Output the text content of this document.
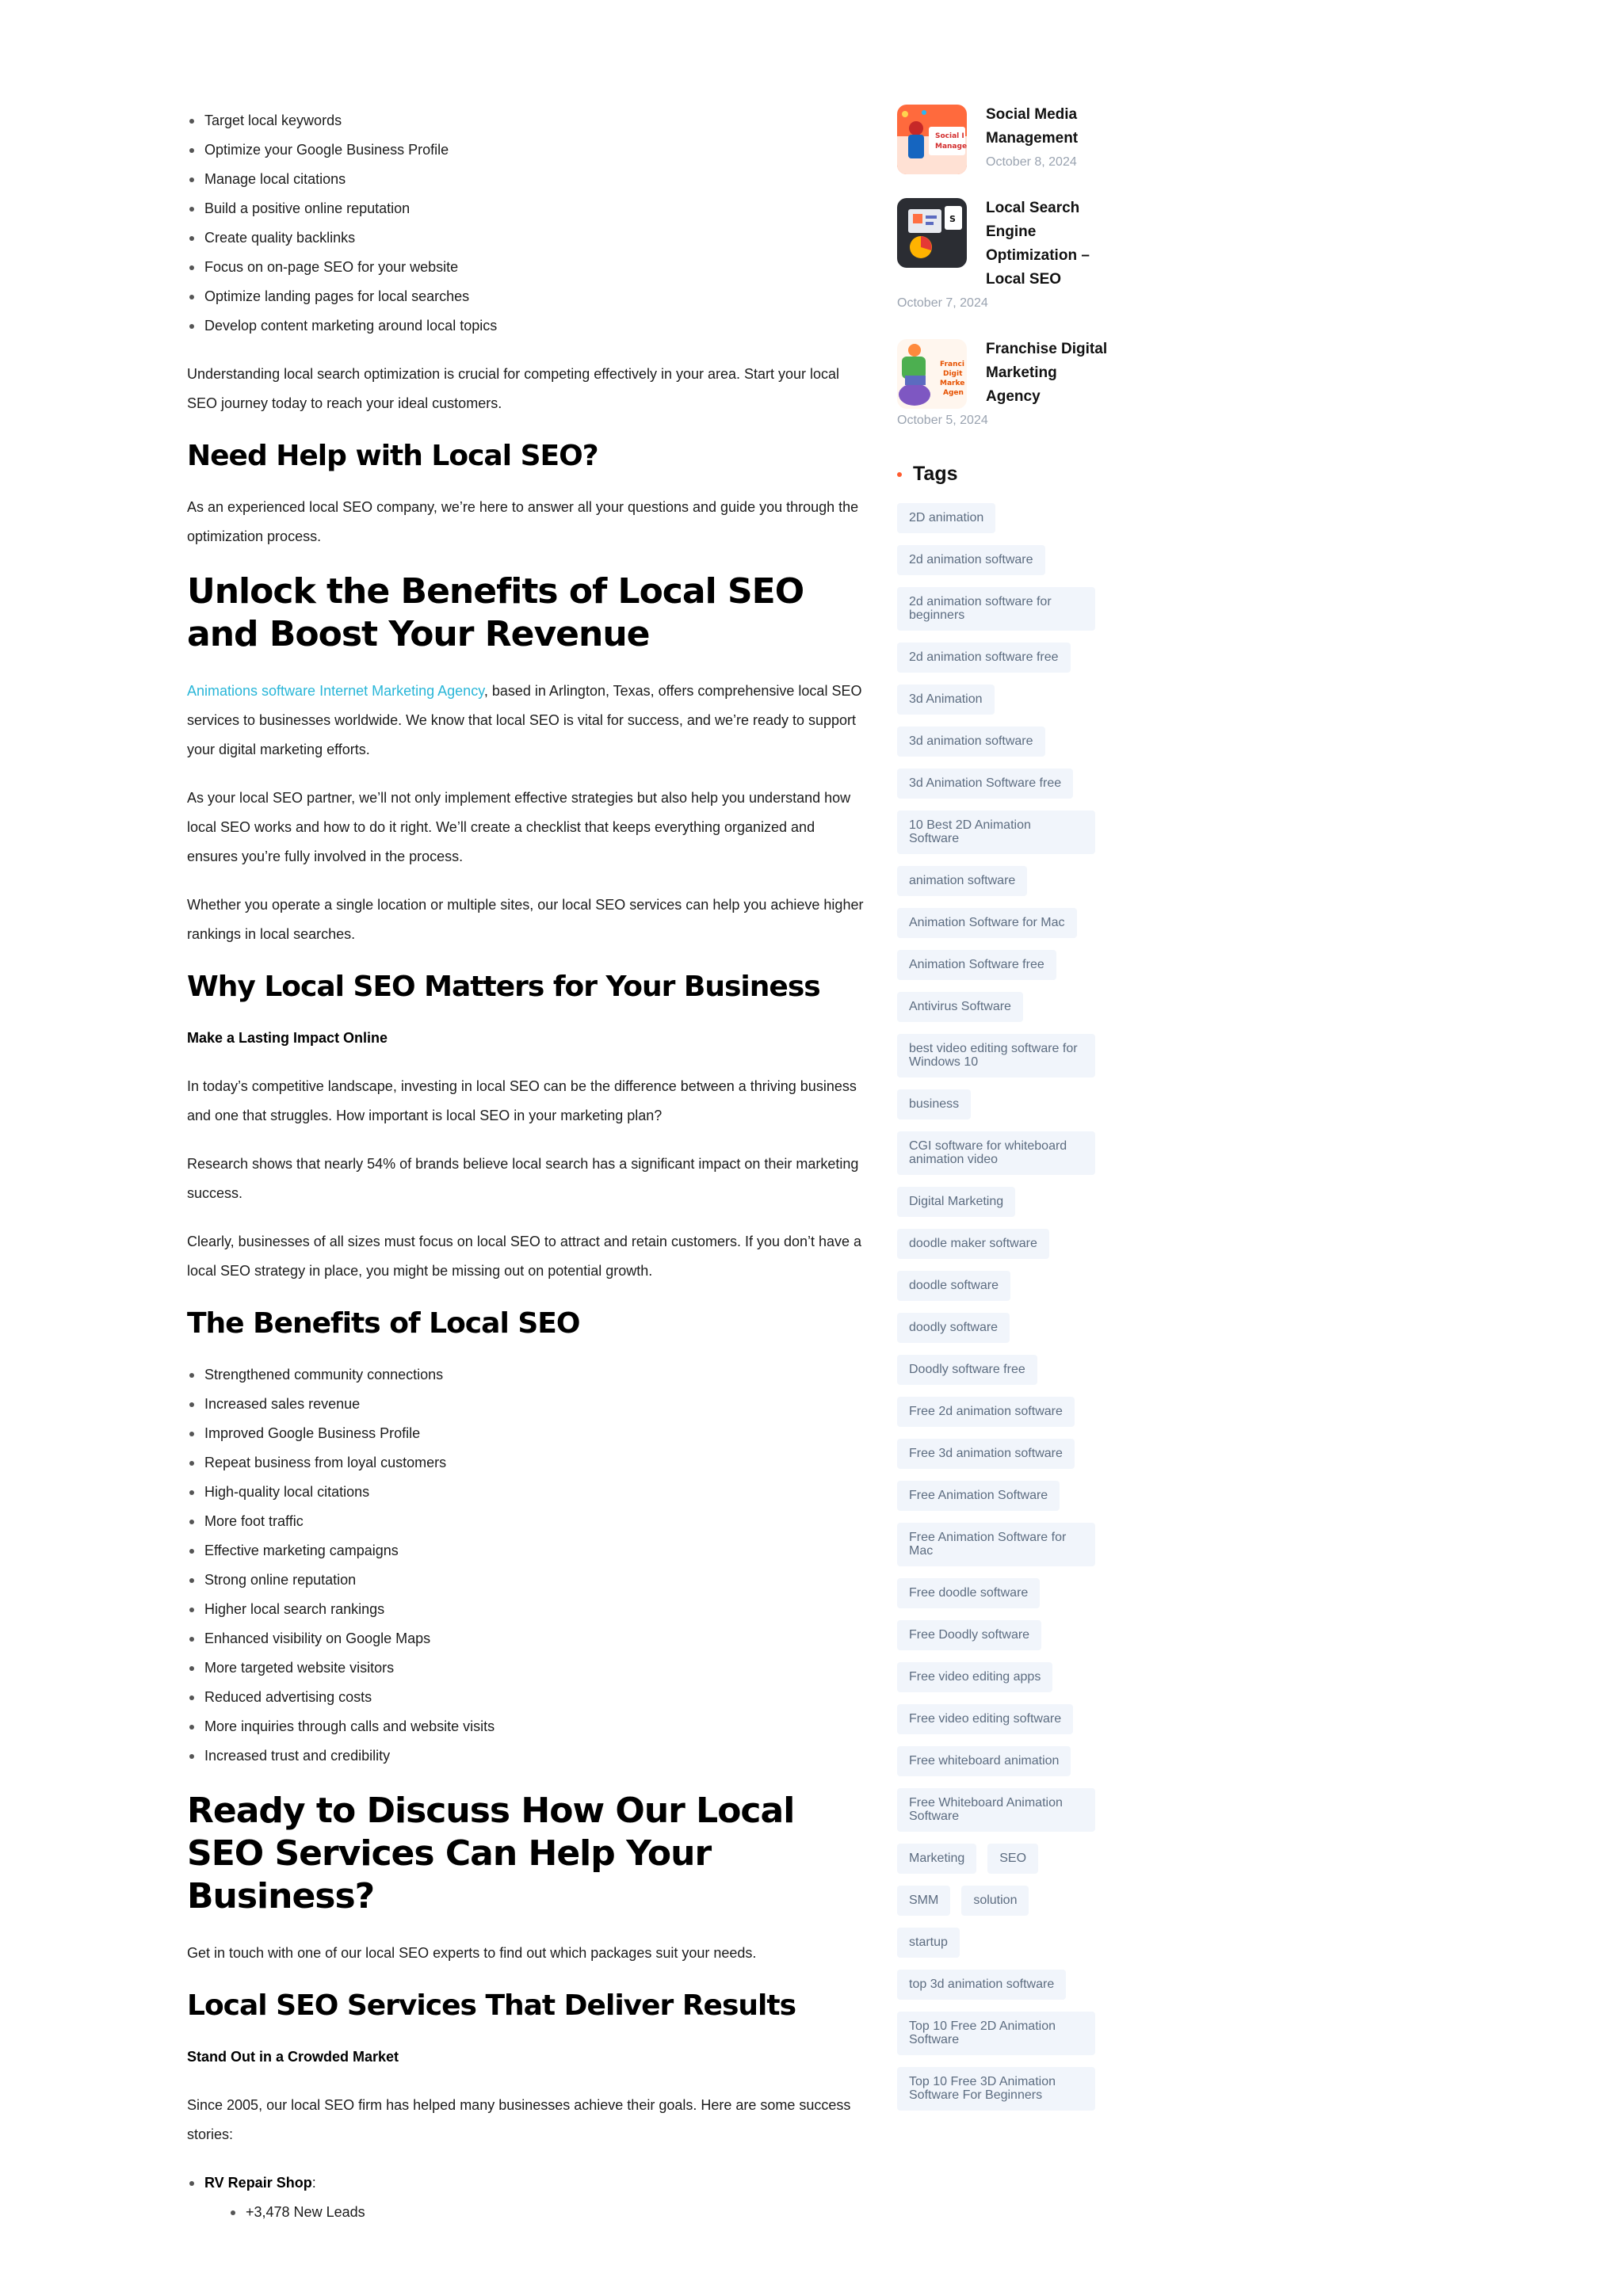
Target local keywords
Optimize your Google Business Profile
Manage local citations
Build a positive online reputation
Create quality backlinks
Focus on on-page SEO for your website
Optimize landing pages for local searches
Develop content marketing around local topics

Understanding local search optimization is crucial for competing effectively in your area. Start your local SEO journey today to reach your ideal customers.

Need Help with Local SEO?

As an experienced local SEO company, we’re here to answer all your questions and guide you through the optimization process.

Unlock the Benefits of Local SEO and Boost Your Revenue

Animations software Internet Marketing Agency, based in Arlington, Texas, offers comprehensive local SEO services to businesses worldwide. We know that local SEO is vital for success, and we’re ready to support your digital marketing efforts.

As your local SEO partner, we’ll not only implement effective strategies but also help you understand how local SEO works and how to do it right. We’ll create a checklist that keeps everything organized and ensures you’re fully involved in the process.

Whether you operate a single location or multiple sites, our local SEO services can help you achieve higher rankings in local searches.

Why Local SEO Matters for Your Business
Make a Lasting Impact Online

In today’s competitive landscape, investing in local SEO can be the difference between a thriving business and one that struggles. How important is local SEO in your marketing plan?

Research shows that nearly 54% of brands believe local search has a significant impact on their marketing success.

Clearly, businesses of all sizes must focus on local SEO to attract and retain customers. If you don’t have a local SEO strategy in place, you might be missing out on potential growth.

The Benefits of Local SEO
Strengthened community connections
Increased sales revenue
Improved Google Business Profile
Repeat business from loyal customers
High-quality local citations
More foot traffic
Effective marketing campaigns
Strong online reputation
Higher local search rankings
Enhanced visibility on Google Maps
More targeted website visitors
Reduced advertising costs
More inquiries through calls and website visits
Increased trust and credibility
Ready to Discuss How Our Local SEO Services Can Help Your Business?

Get in touch with one of our local SEO experts to find out which packages suit your needs.

Local SEO Services That Deliver Results
Stand Out in a Crowded Market

Since 2005, our local SEO firm has helped many businesses achieve their goals. Here are some success stories:

RV Repair Shop:
+3,478 New Leads
Social I
Manage
Social Media Management
October 8, 2024
S
Local Search Engine Optimization – Local SEO
October 7, 2024
Franci
Digit
Marke
Agen
Franchise Digital Marketing Agency
October 5, 2024
Tags
2D animation
2d animation software
2d animation software for beginners
2d animation software free
3d Animation
3d animation software
3d Animation Software free
10 Best 2D Animation Software
animation software
Animation Software for Mac
Animation Software free
Antivirus Software
best video editing software for Windows 10
business
CGI software for whiteboard animation video
Digital Marketing
doodle maker software
doodle software
doodly software
Doodly software free
Free 2d animation software
Free 3d animation software
Free Animation Software
Free Animation Software for Mac
Free doodle software
Free Doodly software
Free video editing apps
Free video editing software
Free whiteboard animation
Free Whiteboard Animation Software
Marketing	SEO
SMM	solution
startup
top 3d animation software
Top 10 Free 2D Animation Software
Top 10 Free 3D Animation Software For Beginners
